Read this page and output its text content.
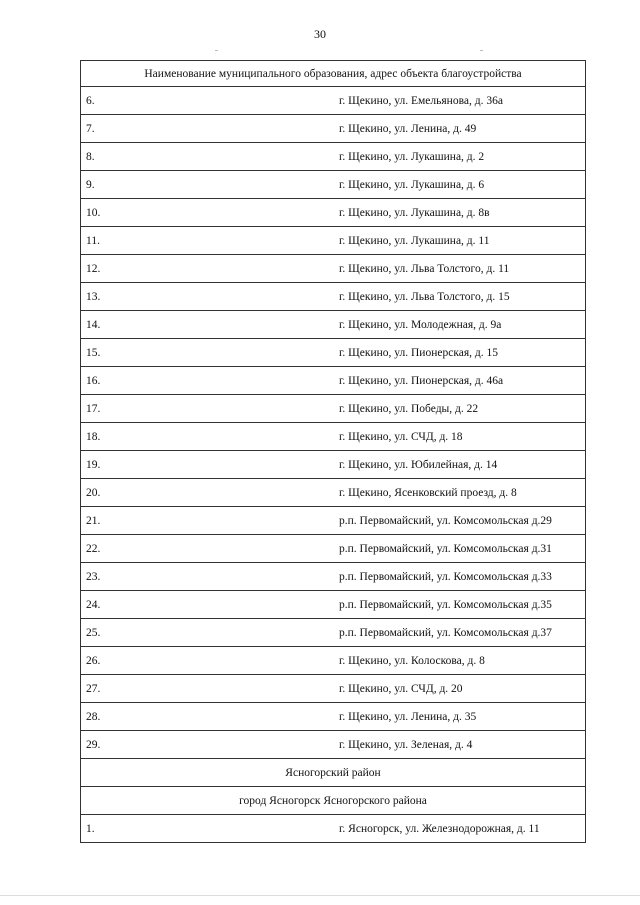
30
Наименование муниципального образования, адрес объекта благоустройства	
6.	г. Щекино, ул. Емельянова, д. 36а
7.	г. Щекино, ул. Ленина, д. 49
8.	г. Щекино, ул. Лукашина, д. 2
9.	г. Щекино, ул. Лукашина, д. 6
10.	г. Щекино, ул. Лукашина, д. 8в
11.	г. Щекино, ул. Лукашина, д. 11
12.	г. Щекино, ул. Льва Толстого, д. 11
13.	г. Щекино, ул. Льва Толстого, д. 15
14.	г. Щекино, ул. Молодежная, д. 9а
15.	г. Щекино, ул. Пионерская, д. 15
16.	г. Щекино, ул. Пионерская, д. 46а
17.	г. Щекино, ул. Победы, д. 22
18.	г. Щекино, ул. СЧД, д. 18
19.	г. Щекино, ул. Юбилейная, д. 14
20.	г. Щекино, Ясенковский проезд, д. 8
21.	р.п. Первомайский, ул. Комсомольская д.29
22.	р.п. Первомайский, ул. Комсомольская д.31
23.	р.п. Первомайский, ул. Комсомольская д.33
24.	р.п. Первомайский, ул. Комсомольская д.35
25.	р.п. Первомайский, ул. Комсомольская д.37
26.	г. Щекино, ул. Колоскова, д. 8
27.	г. Щекино, ул. СЧД, д. 20
28.	г. Щекино, ул. Ленина, д. 35
29.	г. Щекино, ул. Зеленая, д. 4
Ясногорский район	
город Ясногорск Ясногорского района	
1.	г. Ясногорск, ул. Железнодорожная, д. 11
